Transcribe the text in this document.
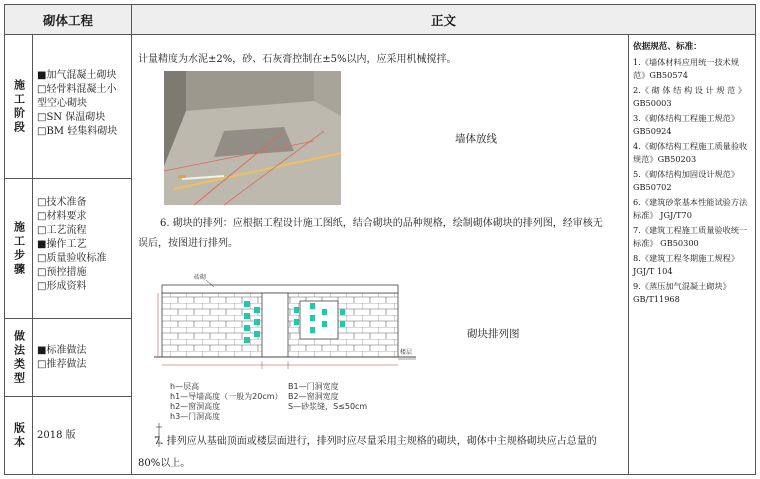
砌体工程	正文
施工阶段
■加气混凝土砌块
□轻骨料混凝土小
型空心砌块
□SN 保温砌块
□BM 轻集料砌块
施工步骤
□技术准备
□材料要求
□工艺流程
■操作工艺
□质量验收标准
□预控措施
□形成资料
做法类型 ■标准做法
□推荐做法
版本 2018 版
计量精度为水泥±2%，砂、石灰膏控制在±5%以内，应采用机械搅拌。
墙体放线
6. 砌块的排列：应根据工程设计施工图纸，结合砌块的品种规格，绘制砌体砌块的排列图，经审核无
误后，按图进行排列。
砖砌
楼层
h—层高
h1—导墙高度（一般为20cm）
h2—窗洞高度
h3—门洞高度
B1—门洞宽度
B2—窗洞宽度
S—砂浆缝，S≤50cm
砌块排列图
7. 排列应从基础顶面或楼层面进行，排列时应尽量采用主规格的砌块，砌体中主规格砌块应占总量的
80%以上。
依据规范、标准：
1.《墙体材料应用统一技术规范》GB50574
2.《 砌 体 结 构 设 计 规 范 》GB50003
3.《砌体结构工程施工规范》GB50924
4.《砌体结构工程施工质量验收规范》GB50203
5.《砌体结构加固设计规范》GB50702
6.《建筑砂浆基本性能试验方法标准》 JGJ/T70
7.《建筑工程施工质量验收统一标准》 GB50300
8.《建筑工程冬期施工规程》JGJ/T 104
9.《蒸压加气混凝土砌块》GB/T11968
